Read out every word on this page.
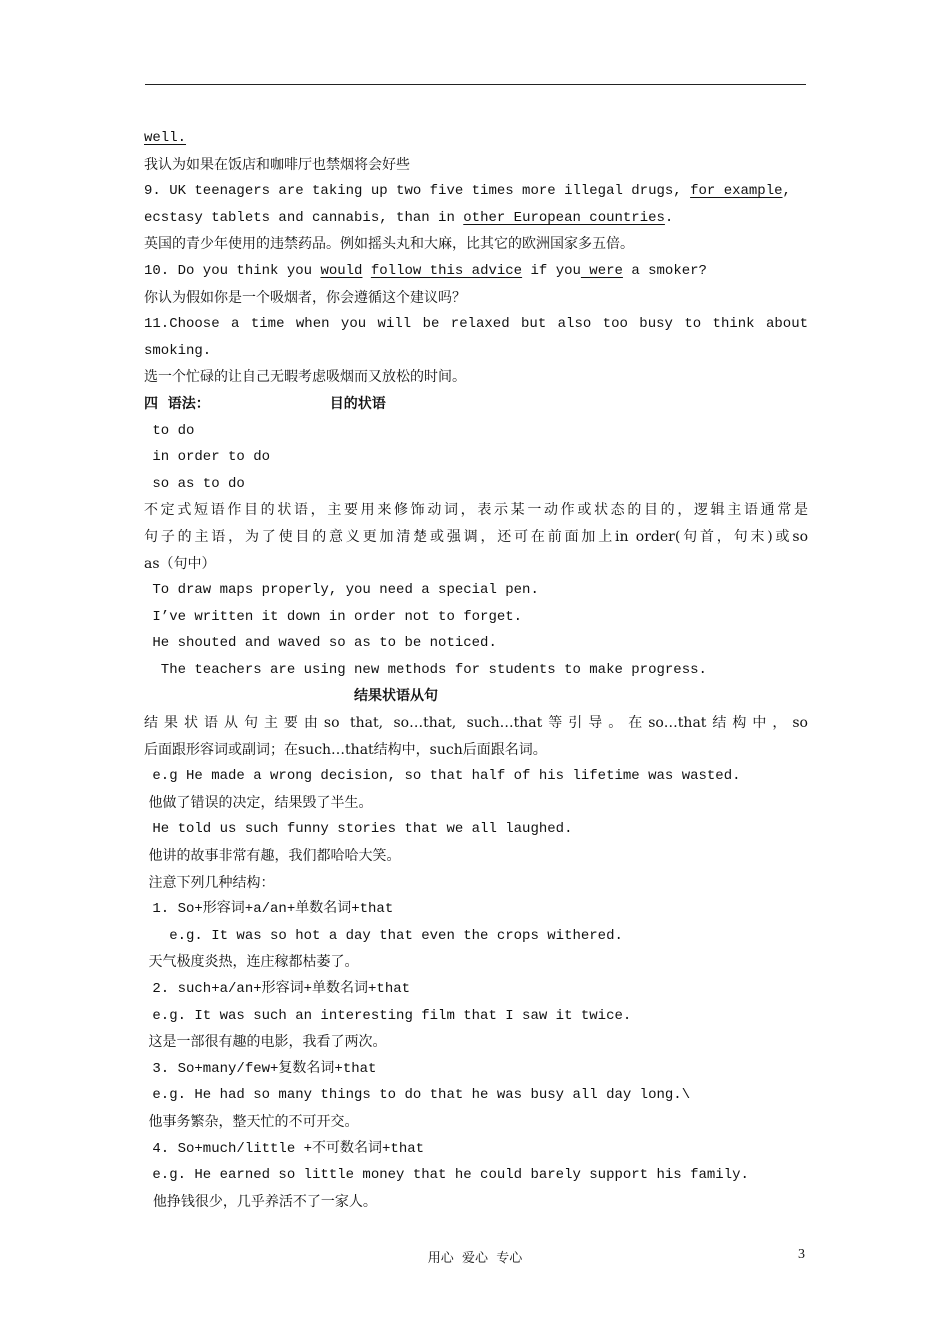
well.
我认为如果在饭店和咖啡厅也禁烟将会好些
9. UK teenagers are taking up two five times more illegal drugs, for example,
ecstasy tablets and cannabis, than in other European countries.
英国的青少年使用的违禁药品。例如摇头丸和大麻，比其它的欧洲国家多五倍。
10. Do you think you would follow this advice if you were a smoker?
你认为假如你是一个吸烟者，你会遵循这个建议吗？
11.Choose a time when you will be relaxed but also too busy to think about
smoking.
选一个忙碌的让自己无暇考虑吸烟而又放松的时间。
四  语法：	目的状语
to do
in order to do
so as to do
不定式短语作目的状语，主要用来修饰动词，表示某一动作或状态的目的，逻辑主语通常是
句子的主语，为了使目的意义更加清楚或强调，还可在前面加上in order(句首，句末)或so
as（句中）
To draw maps properly, you need a special pen.
I’ve written it down in order not to forget.
He shouted and waved so as to be noticed.
The teachers are using new methods for students to make progress.
结果状语从句
结果状语从句主要由so that, so…that, such…that等引导。在so…that结构中，so
后面跟形容词或副词；在such…that结构中，such后面跟名词。
e.g He made a wrong decision, so that half of his lifetime was wasted.
他做了错误的决定，结果毁了半生。
He told us such funny stories that we all laughed.
他讲的故事非常有趣，我们都哈哈大笑。
注意下列几种结构：
1. So+形容词+a/an+单数名词+that
e.g. It was so hot a day that even the crops withered.
天气极度炎热，连庄稼都枯萎了。
2. such+a/an+形容词+单数名词+that
e.g. It was such an interesting film that I saw it twice.
这是一部很有趣的电影，我看了两次。
3. So+many/few+复数名词+that
e.g. He had so many things to do that he was busy all day long.\
他事务繁杂，整天忙的不可开交。
4. So+much/little +不可数名词+that
e.g. He earned so little money that he could barely support his family.
他挣钱很少，几乎养活不了一家人。
用心  爱心  专心	3
